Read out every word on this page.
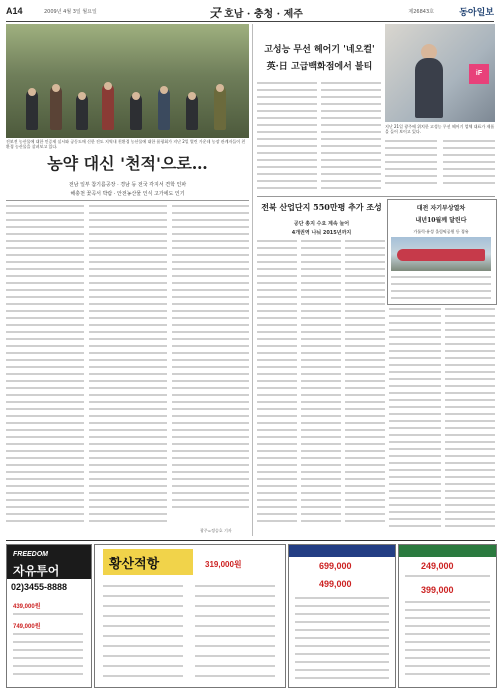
A14	2009년 4월 3일 월요일	굿 호남 · 충청 · 제주	제26843호	동아일보
진보전 농산물에 대한 인증제 실시와 공동도매 신한 진도 지역내 친환경 농산물에 대한 품평회가 지난 2일 열린 가운데 농장 관계자들이 친환경 농산물을 살펴보고 있다.
농약 대신 '천적'으로…
전남 일부 참기름공장 · 경남 등 전국 각지서 견학 인파
해충천 꽃곡서 박람 · 안전농산물 인식 고가에도 인기
광주=정승호 기자
고성능 무선 헤어기 '네오컬'
英·日 고급백화점에서 불티
iF
지난 21일 광주에 위치한 고성능 무선 헤어기 업체 대표가 제품을 들어 보이고 있다.
전북 산업단지 550만평 추가 조성
공단 총지 수요 계속 늘어
4개권역 나눠 2015년까지
대전 자기부상열차
내년10월께 달린다
가톨릭·유성 올림픽공원 등 경유
FREEDOM
자유투어
02)3455-8888
439,000원
749,000원
황산적항	319,000원	699,000
499,000
249,000
399,000
